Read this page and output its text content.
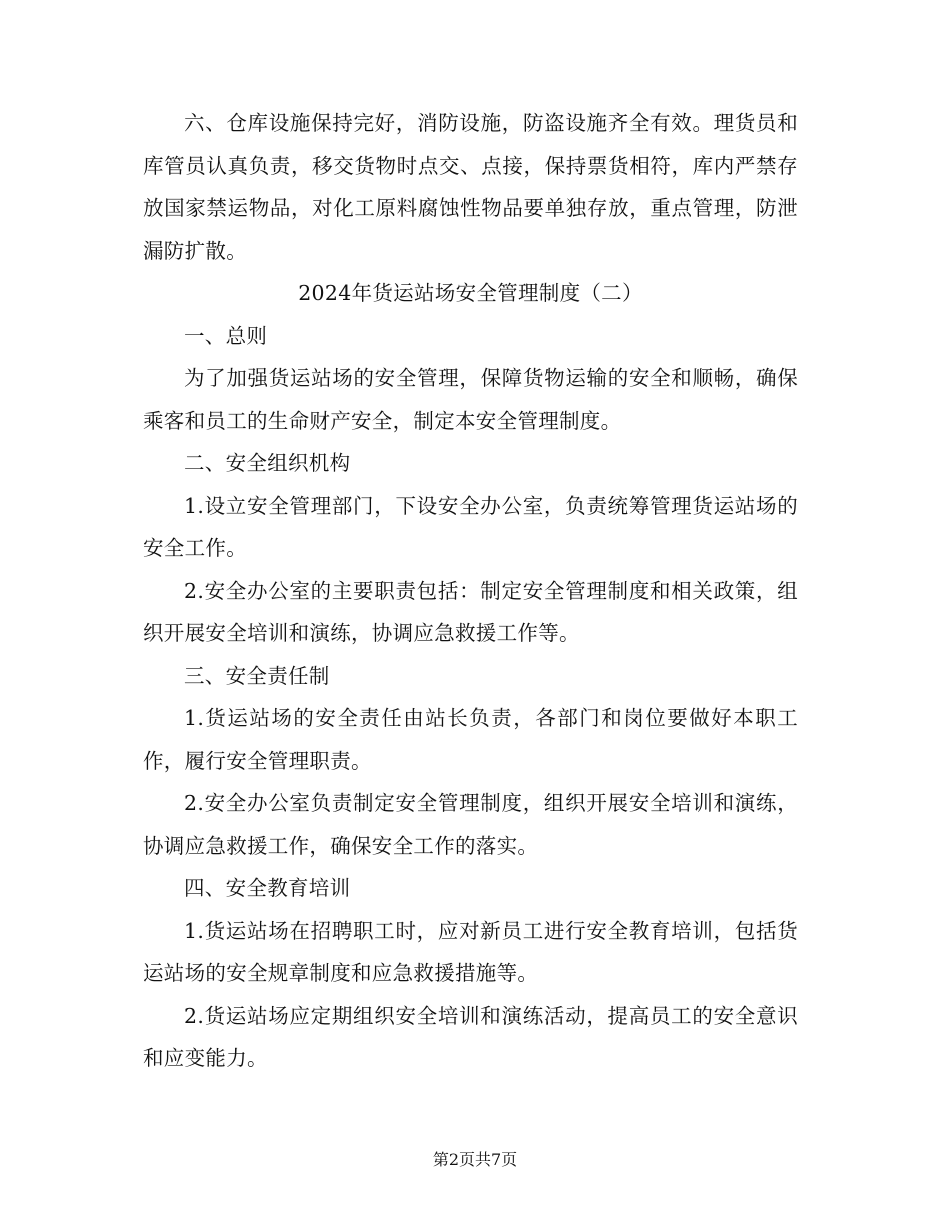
六、仓库设施保持完好，消防设施，防盗设施齐全有效。理货员和库管员认真负责，移交货物时点交、点接，保持票货相符，库内严禁存放国家禁运物品，对化工原料腐蚀性物品要单独存放，重点管理，防泄漏防扩散。

2024年货运站场安全管理制度（二）

一、总则

为了加强货运站场的安全管理，保障货物运输的安全和顺畅，确保乘客和员工的生命财产安全，制定本安全管理制度。

二、安全组织机构

1.设立安全管理部门，下设安全办公室，负责统筹管理货运站场的安全工作。

2.安全办公室的主要职责包括：制定安全管理制度和相关政策，组织开展安全培训和演练，协调应急救援工作等。

三、安全责任制

1.货运站场的安全责任由站长负责，各部门和岗位要做好本职工作，履行安全管理职责。

2.安全办公室负责制定安全管理制度，组织开展安全培训和演练，协调应急救援工作，确保安全工作的落实。

四、安全教育培训

1.货运站场在招聘职工时，应对新员工进行安全教育培训，包括货运站场的安全规章制度和应急救援措施等。

2.货运站场应定期组织安全培训和演练活动，提高员工的安全意识和应变能力。

第2页共7页
